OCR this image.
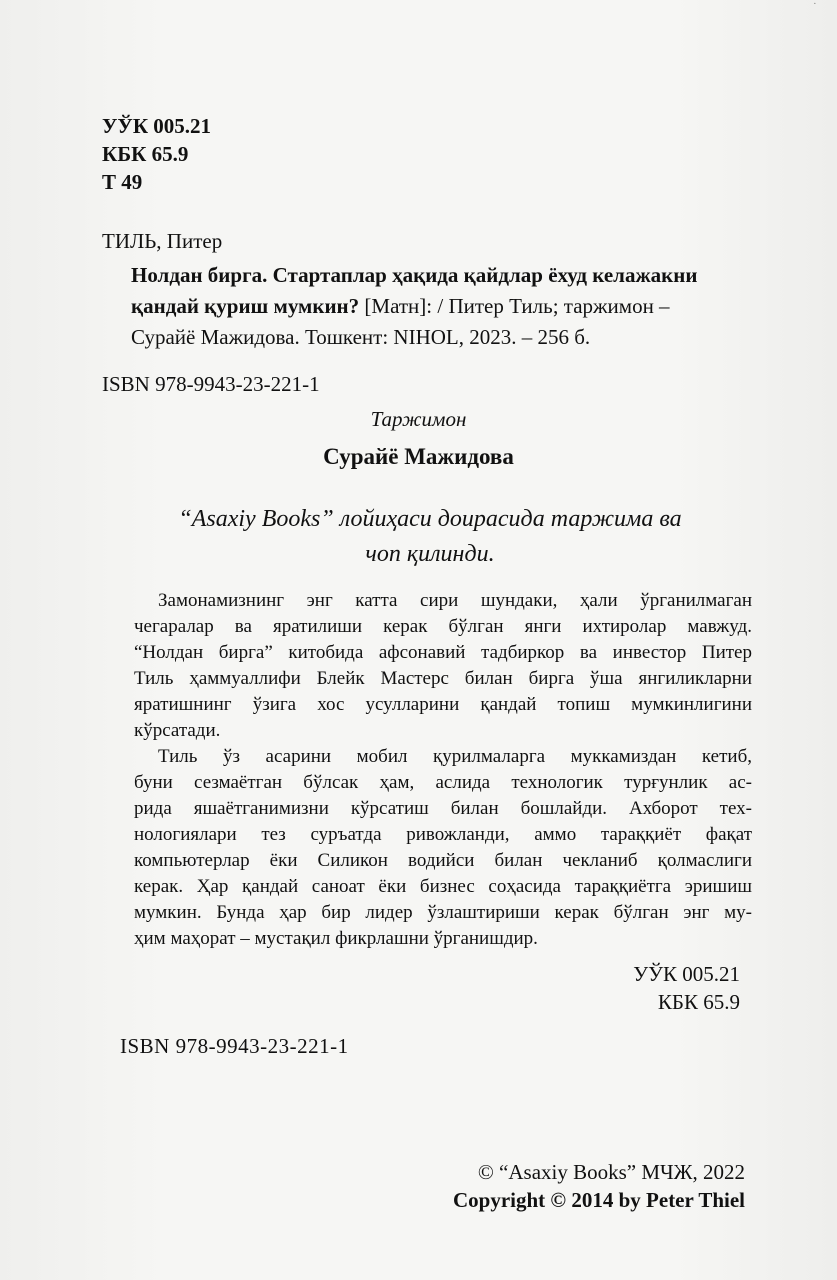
·
УЎК 005.21
КБК 65.9
Т 49
ТИЛЬ, Питер
Нолдан бирга. Стартаплар ҳақида қайдлар ёхуд келажакни
қандай қуриш мумкин? [Матн]: / Питер Тиль; таржимон –
Сурайё Мажидова. Тошкент: NIHOL, 2023. – 256 б.
ISBN 978-9943-23-221-1
Таржимон
Сурайё Мажидова
“Asaxiy Books” лойиҳаси доирасида таржима ва
чоп қилинди.
Замонамизнинг энг катта сири шундаки, ҳали ўрганилмаган
чегаралар ва яратилиши керак бўлган янги ихтиролар мавжуд.
“Нолдан бирга” китобида афсонавий тадбиркор ва инвестор Питер
Тиль ҳаммуаллифи Блейк Мастерс билан бирга ўша янгиликларни
яратишнинг ўзига хос усулларини қандай топиш мумкинлигини
кўрсатади.
Тиль ўз асарини мобил қурилмаларга муккамиздан кетиб,
буни сезмаётган бўлсак ҳам, аслида технологик турғунлик ас-
рида яшаётганимизни кўрсатиш билан бошлайди. Ахборот тех-
нологиялари тез суръатда ривожланди, аммо тараққиёт фақат
компьютерлар ёки Силикон водийси билан чекланиб қолмаслиги
керак. Ҳар қандай саноат ёки бизнес соҳасида тараққиётга эришиш
мумкин. Бунда ҳар бир лидер ўзлаштириши керак бўлган энг му-
ҳим маҳорат – мустақил фикрлашни ўрганишдир.
УЎК 005.21
КБК 65.9
ISBN 978-9943-23-221-1
© “Asaxiy Books” МЧЖ, 2022
Copyright © 2014 by Peter Thiel
